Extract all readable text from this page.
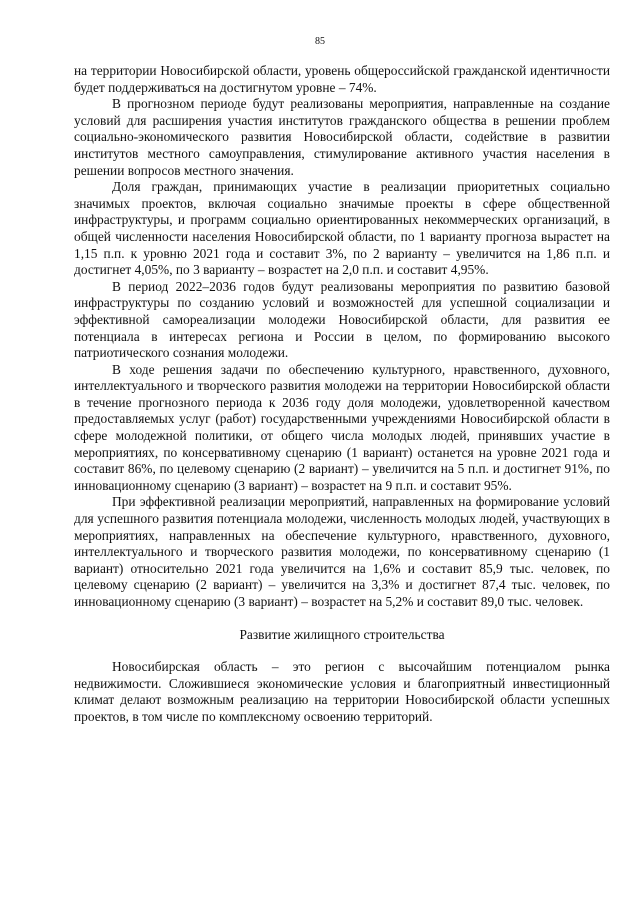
85

на территории Новосибирской области, уровень общероссийской гражданской идентичности будет поддерживаться на достигнутом уровне – 74%.

В прогнозном периоде будут реализованы мероприятия, направленные на создание условий для расширения участия институтов гражданского общества в решении проблем социально-экономического развития Новосибирской области, содействие в развитии институтов местного самоуправления, стимулирование активного участия населения в решении вопросов местного значения.

Доля граждан, принимающих участие в реализации приоритетных социально значимых проектов, включая социально значимые проекты в сфере общественной инфраструктуры, и программ социально ориентированных некоммерческих организаций, в общей численности населения Новосибирской области, по 1 варианту прогноза вырастет на 1,15 п.п. к уровню 2021 года и составит 3%, по 2 варианту – увеличится на 1,86 п.п. и достигнет 4,05%, по 3 варианту – возрастет на 2,0 п.п. и составит 4,95%.

В период 2022–2036 годов будут реализованы мероприятия по развитию базовой инфраструктуры по созданию условий и возможностей для успешной социализации и эффективной самореализации молодежи Новосибирской области, для развития ее потенциала в интересах региона и России в целом, по формированию высокого патриотического сознания молодежи.

В ходе решения задачи по обеспечению культурного, нравственного, духовного, интеллектуального и творческого развития молодежи на территории Новосибирской области в течение прогнозного периода к 2036 году доля молодежи, удовлетворенной качеством предоставляемых услуг (работ) государственными учреждениями Новосибирской области в сфере молодежной политики, от общего числа молодых людей, принявших участие в мероприятиях, по консервативному сценарию (1 вариант) останется на уровне 2021 года и составит 86%, по целевому сценарию (2 вариант) – увеличится на 5 п.п. и достигнет 91%, по инновационному сценарию (3 вариант) – возрастет на 9 п.п. и составит 95%.

При эффективной реализации мероприятий, направленных на формирование условий для успешного развития потенциала молодежи, численность молодых людей, участвующих в мероприятиях, направленных на обеспечение культурного, нравственного, духовного, интеллектуального и творческого развития молодежи, по консервативному сценарию (1 вариант) относительно 2021 года увеличится на 1,6% и составит 85,9 тыс. человек, по целевому сценарию (2 вариант) – увеличится на 3,3% и достигнет 87,4 тыс. человек, по инновационному сценарию (3 вариант) – возрастет на 5,2% и составит 89,0 тыс. человек.

Развитие жилищного строительства

Новосибирская область – это регион с высочайшим потенциалом рынка недвижимости. Сложившиеся экономические условия и благоприятный инвестиционный климат делают возможным реализацию на территории Новосибирской области успешных проектов, в том числе по комплексному освоению территорий.
